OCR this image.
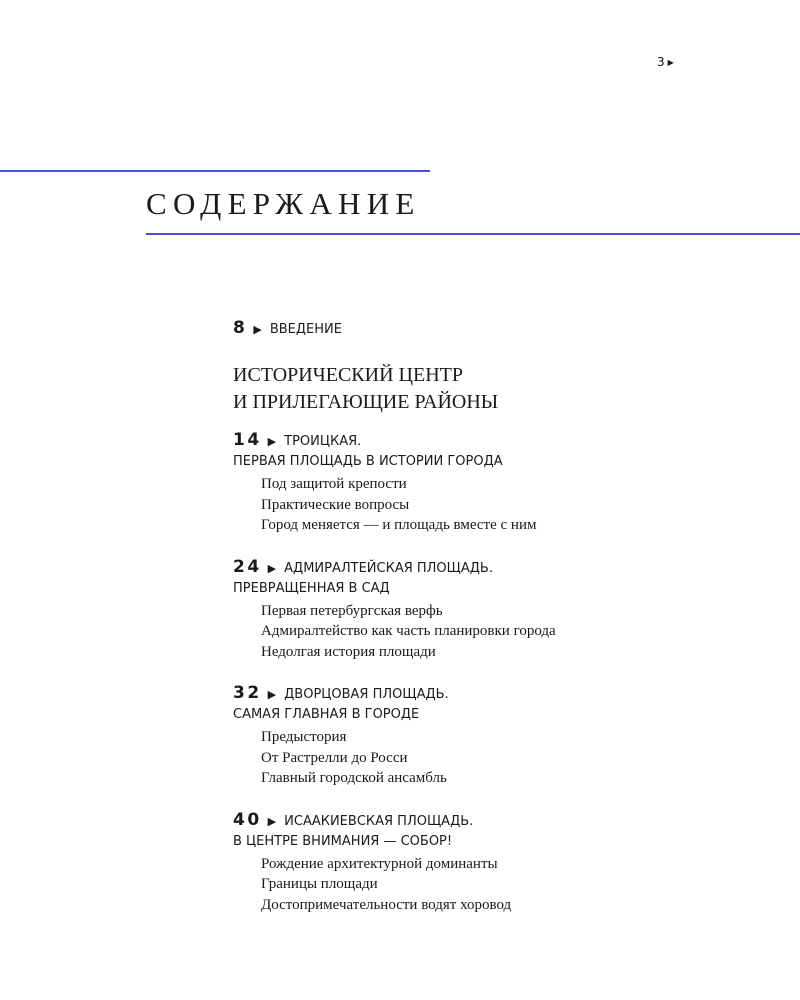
3 ▶
СОДЕРЖАНИЕ
8 ▶ ВВЕДЕНИЕ
ИСТОРИЧЕСКИЙ ЦЕНТР
И ПРИЛЕГАЮЩИЕ РАЙОНЫ
14 ▶ ТРОИЦКАЯ.
ПЕРВАЯ ПЛОЩАДЬ В ИСТОРИИ ГОРОДА
Под защитой крепости
Практические вопросы
Город меняется — и площадь вместе с ним
24 ▶ АДМИРАЛТЕЙСКАЯ ПЛОЩАДЬ.
ПРЕВРАЩЕННАЯ В САД
Первая петербургская верфь
Адмиралтейство как часть планировки города
Недолгая история площади
32 ▶ ДВОРЦОВАЯ ПЛОЩАДЬ.
САМАЯ ГЛАВНАЯ В ГОРОДЕ
Предыстория
От Растрелли до Росси
Главный городской ансамбль
40 ▶ ИСААКИЕВСКАЯ ПЛОЩАДЬ.
В ЦЕНТРЕ ВНИМАНИЯ — СОБОР!
Рождение архитектурной доминанты
Границы площади
Достопримечательности водят хоровод
